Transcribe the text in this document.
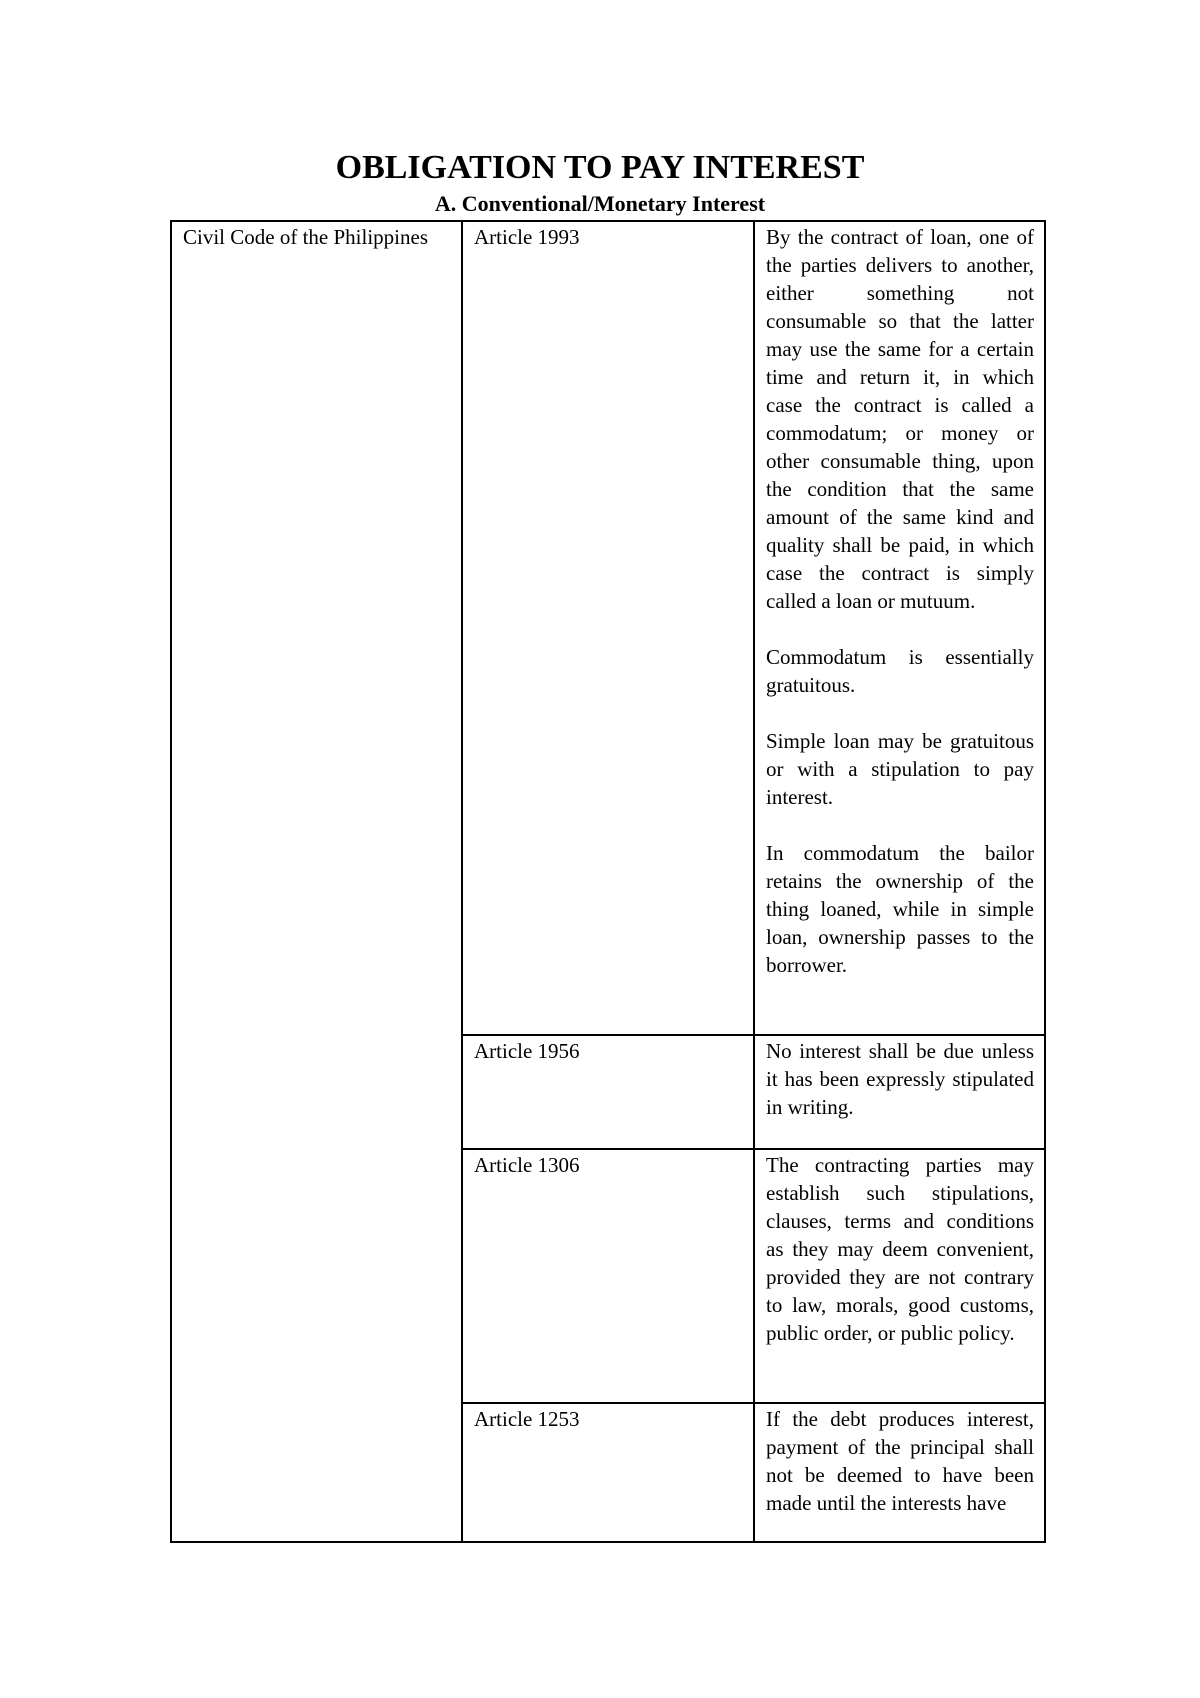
OBLIGATION TO PAY INTEREST
A. Conventional/Monetary Interest
Civil Code of the Philippines	Article 1993	By the contract of loan, one of the parties delivers to another, either something not consumable so that the latter may use the same for a certain time and return it, in which case the contract is called a commodatum; or money or other consumable thing, upon the condition that the same amount of the same kind and quality shall be paid, in which case the contract is simply called a loan or mutuum.

Commodatum is essentially gratuitous.

Simple loan may be gratuitous or with a stipulation to pay interest.

In commodatum the bailor retains the ownership of the thing loaned, while in simple loan, ownership passes to the borrower.

	Article 1956	No interest shall be due unless it has been expressly stipulated in writing.

	Article 1306	The contracting parties may establish such stipulations, clauses, terms and conditions as they may deem convenient, provided they are not contrary to law, morals, good customs, public order, or public policy.

	Article 1253	If the debt produces interest, payment of the principal shall not be deemed to have been made until the interests have
